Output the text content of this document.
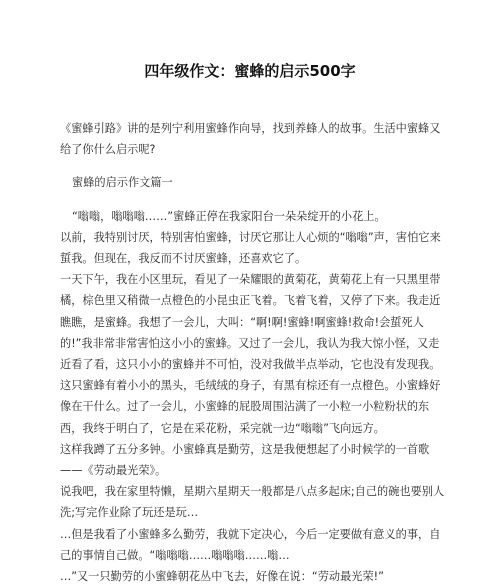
四年级作文：蜜蜂的启示500字

《蜜蜂引路》讲的是列宁利用蜜蜂作向导，找到养蜂人的故事。生活中蜜蜂又给了你什么启示呢?

蜜蜂的启示作文篇一

“嗡嗡，嗡嗡嗡……”蜜蜂正停在我家阳台一朵朵绽开的小花上。

以前，我特别讨厌，特别害怕蜜蜂，讨厌它那让人心烦的“嗡嗡”声，害怕它来蜇我。但现在，我反而不讨厌蜜蜂，还喜欢它了。

一天下午，我在小区里玩，看见了一朵耀眼的黄菊花，黄菊花上有一只黑里带橘，棕色里又稍微一点橙色的小昆虫正飞着。飞着飞着，又停了下来。我走近瞧瞧，是蜜蜂。我想了一会儿，大叫：“啊!啊!蜜蜂!啊蜜蜂!救命!会蜇死人的!”我非常非常害怕这小小的蜜蜂。又过了一会儿，我认为我大惊小怪，又走近看了看，这只小小的蜜蜂并不可怕，没对我做半点举动，它也没有发现我。这只蜜蜂有着小小的黑头，毛绒绒的身子，有黑有棕还有一点橙色。小蜜蜂好像在干什么。过了一会儿，小蜜蜂的屁股周围沾满了一小粒一小粒粉状的东西，我终于明白了，它是在采花粉，采完就一边“嗡嗡”飞向远方。

这样我蹲了五分多钟。小蜜蜂真是勤劳，这是我便想起了小时候学的一首歌——《劳动最光荣》。

说我吧，我在家里特懒，星期六星期天一般都是八点多起床;自己的碗也要别人洗;写完作业除了玩还是玩…

…但是我看了小蜜蜂多么勤劳，我就下定决心，今后一定要做有意义的事，自己的事情自己做。“嗡嗡嗡……嗡嗡嗡……嗡…

…”又一只勤劳的小蜜蜂朝花丛中飞去，好像在说：“劳动最光荣!”
